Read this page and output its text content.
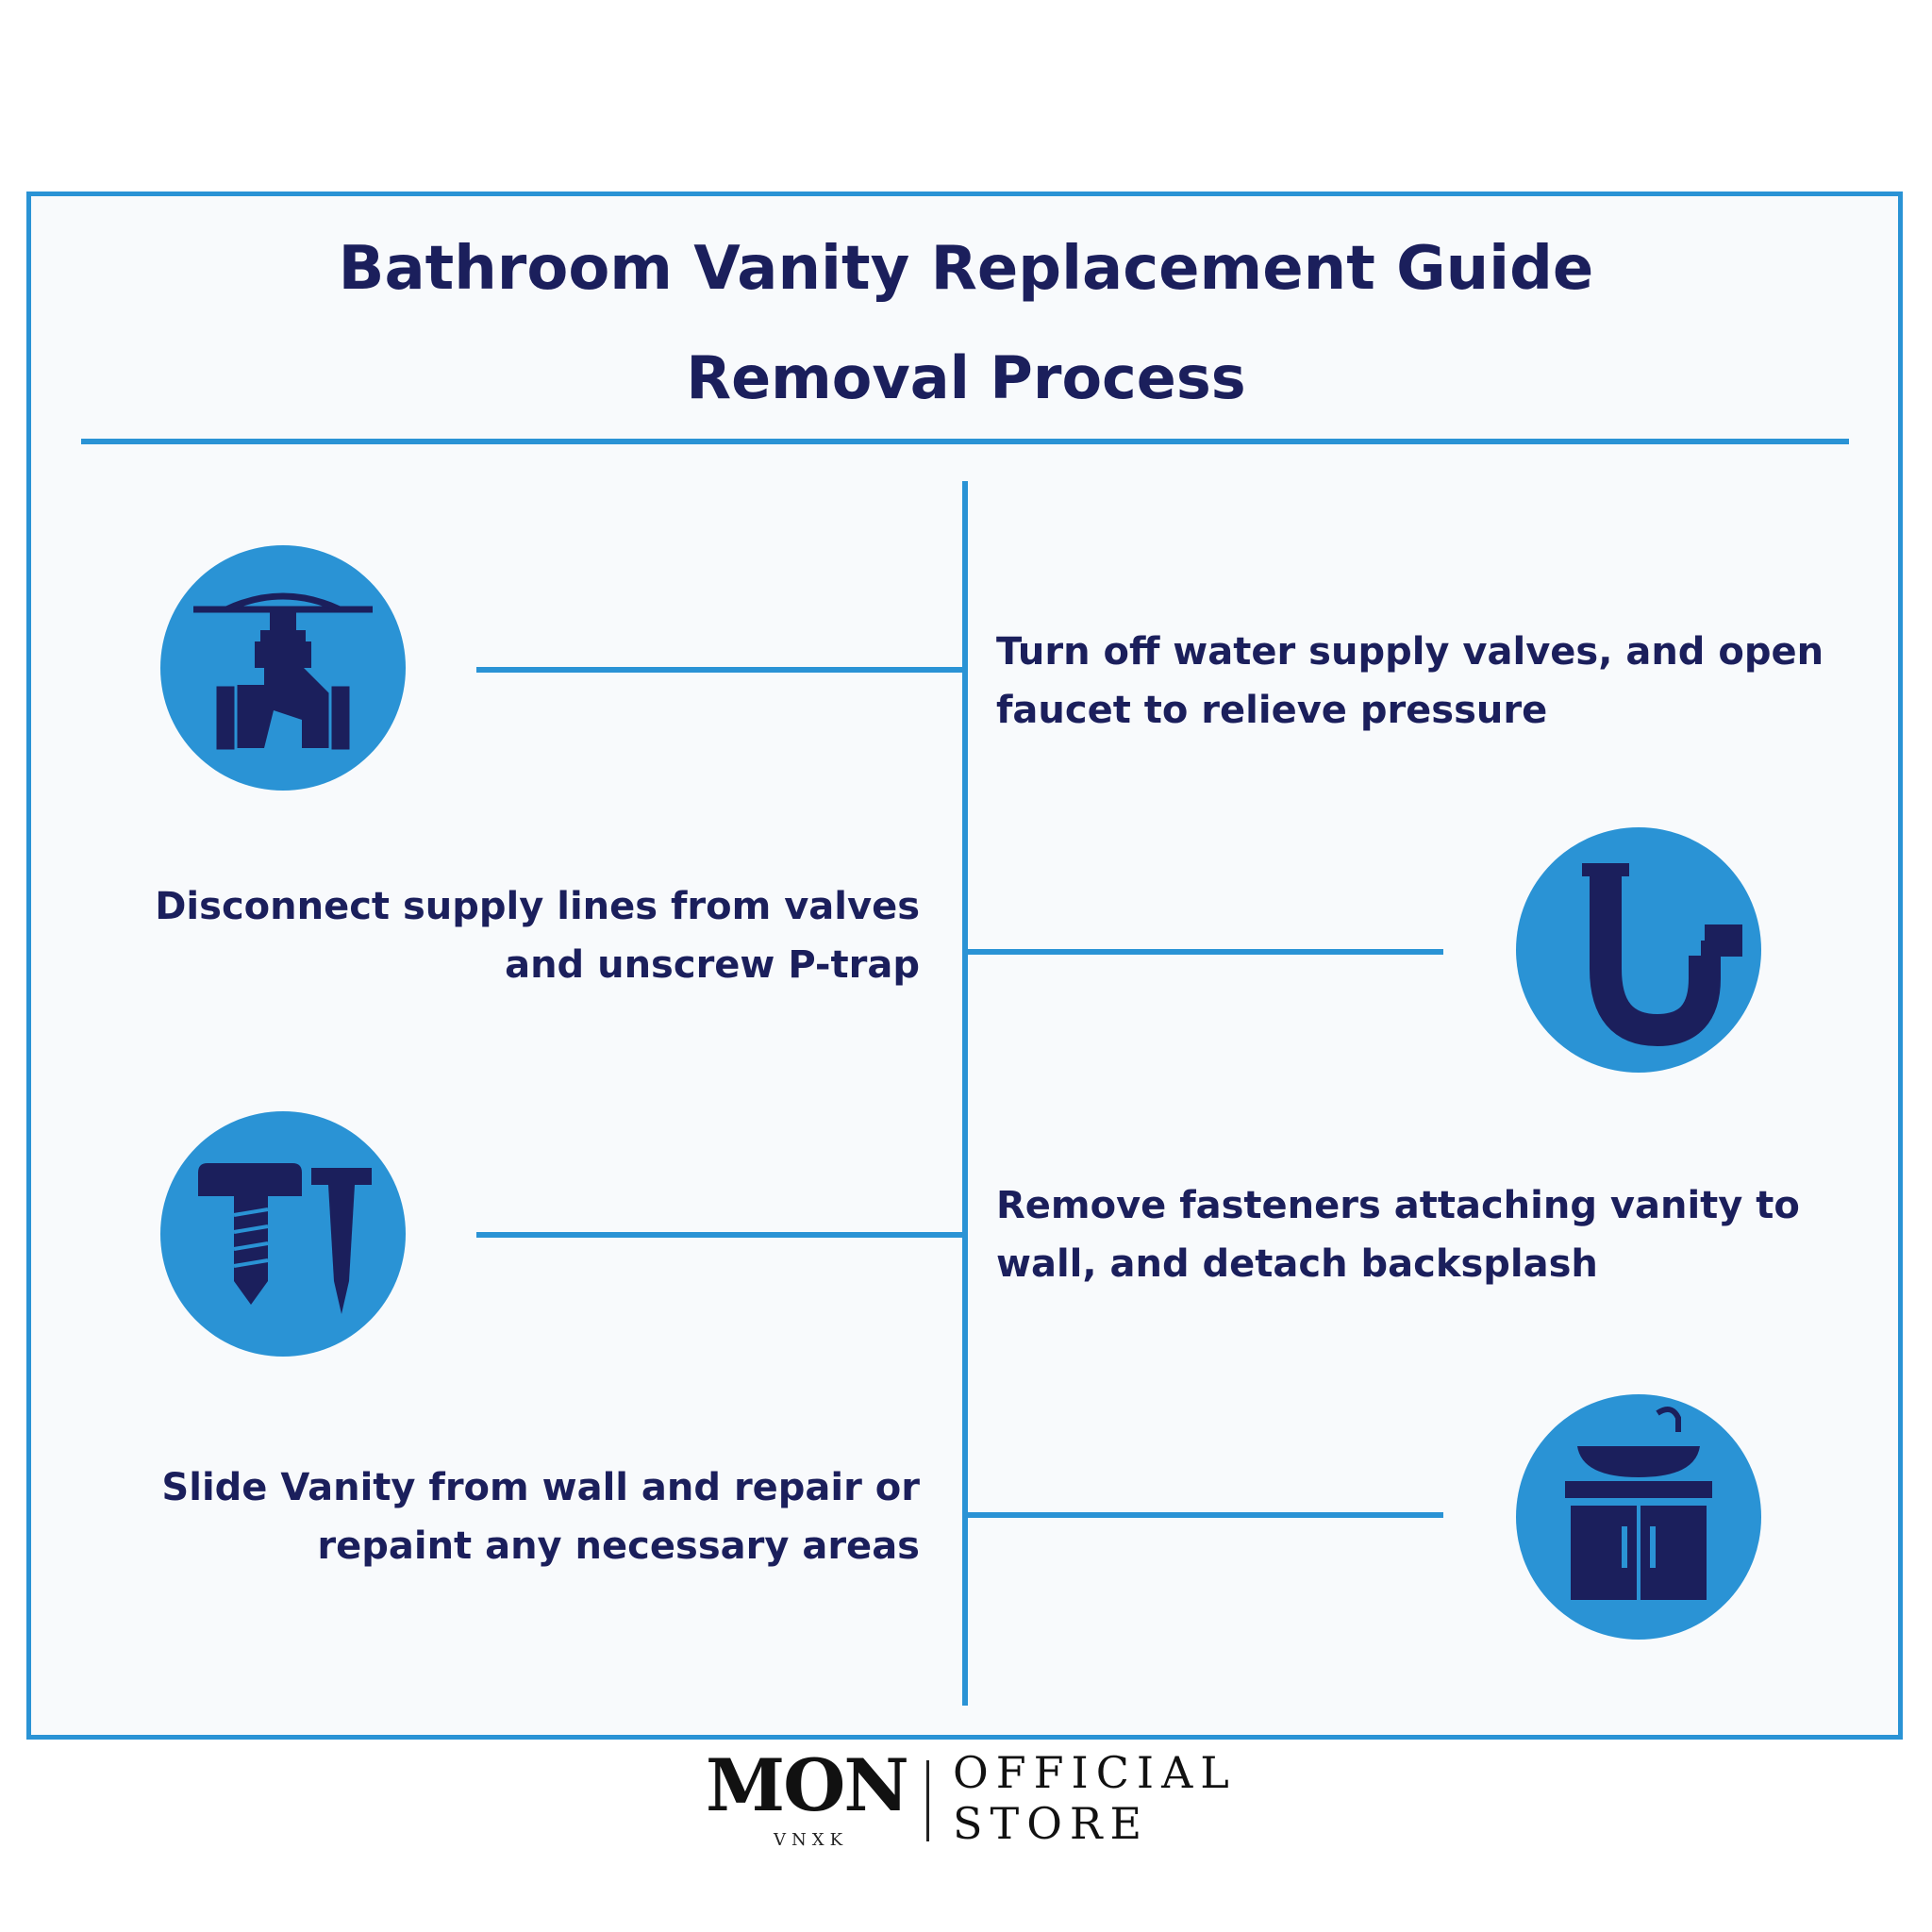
Bathroom Vanity Replacement Guide
Removal Process
Turn off water supply valves, and open
faucet to relieve pressure
Disconnect supply lines from valves
and unscrew P-trap
Remove fasteners attaching vanity to
wall, and detach backsplash
Slide Vanity from wall and repair or
repaint any necessary areas
MON
VNXK
OFFICIAL
STORE
